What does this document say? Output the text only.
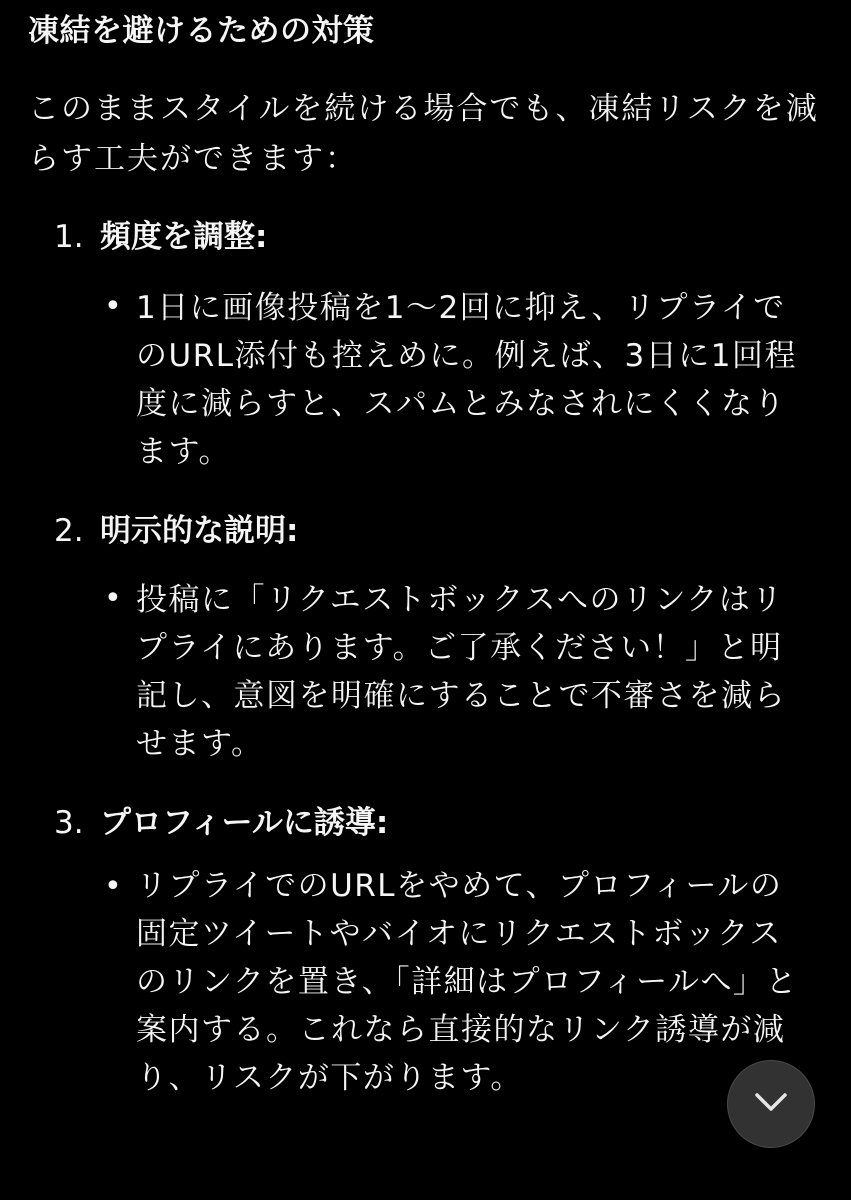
凍結を避けるための対策
このままスタイルを続ける場合でも、凍結リスクを減らす工夫ができます：
1. 頻度を調整:
• 1日に画像投稿を1〜2回に抑え、リプライでのURL添付も控えめに。例えば、3日に1回程度に減らすと、スパムとみなされにくくなります。
2. 明示的な説明:
• 投稿に「リクエストボックスへのリンクはリプライにあります。ご了承ください！」と明記し、意図を明確にすることで不審さを減らせます。
3. プロフィールに誘導:
• リプライでのURLをやめて、プロフィールの固定ツイートやバイオにリクエストボックスのリンクを置き、「詳細はプロフィールへ」と案内する。これなら直接的なリンク誘導が減り、リスクが下がります。
